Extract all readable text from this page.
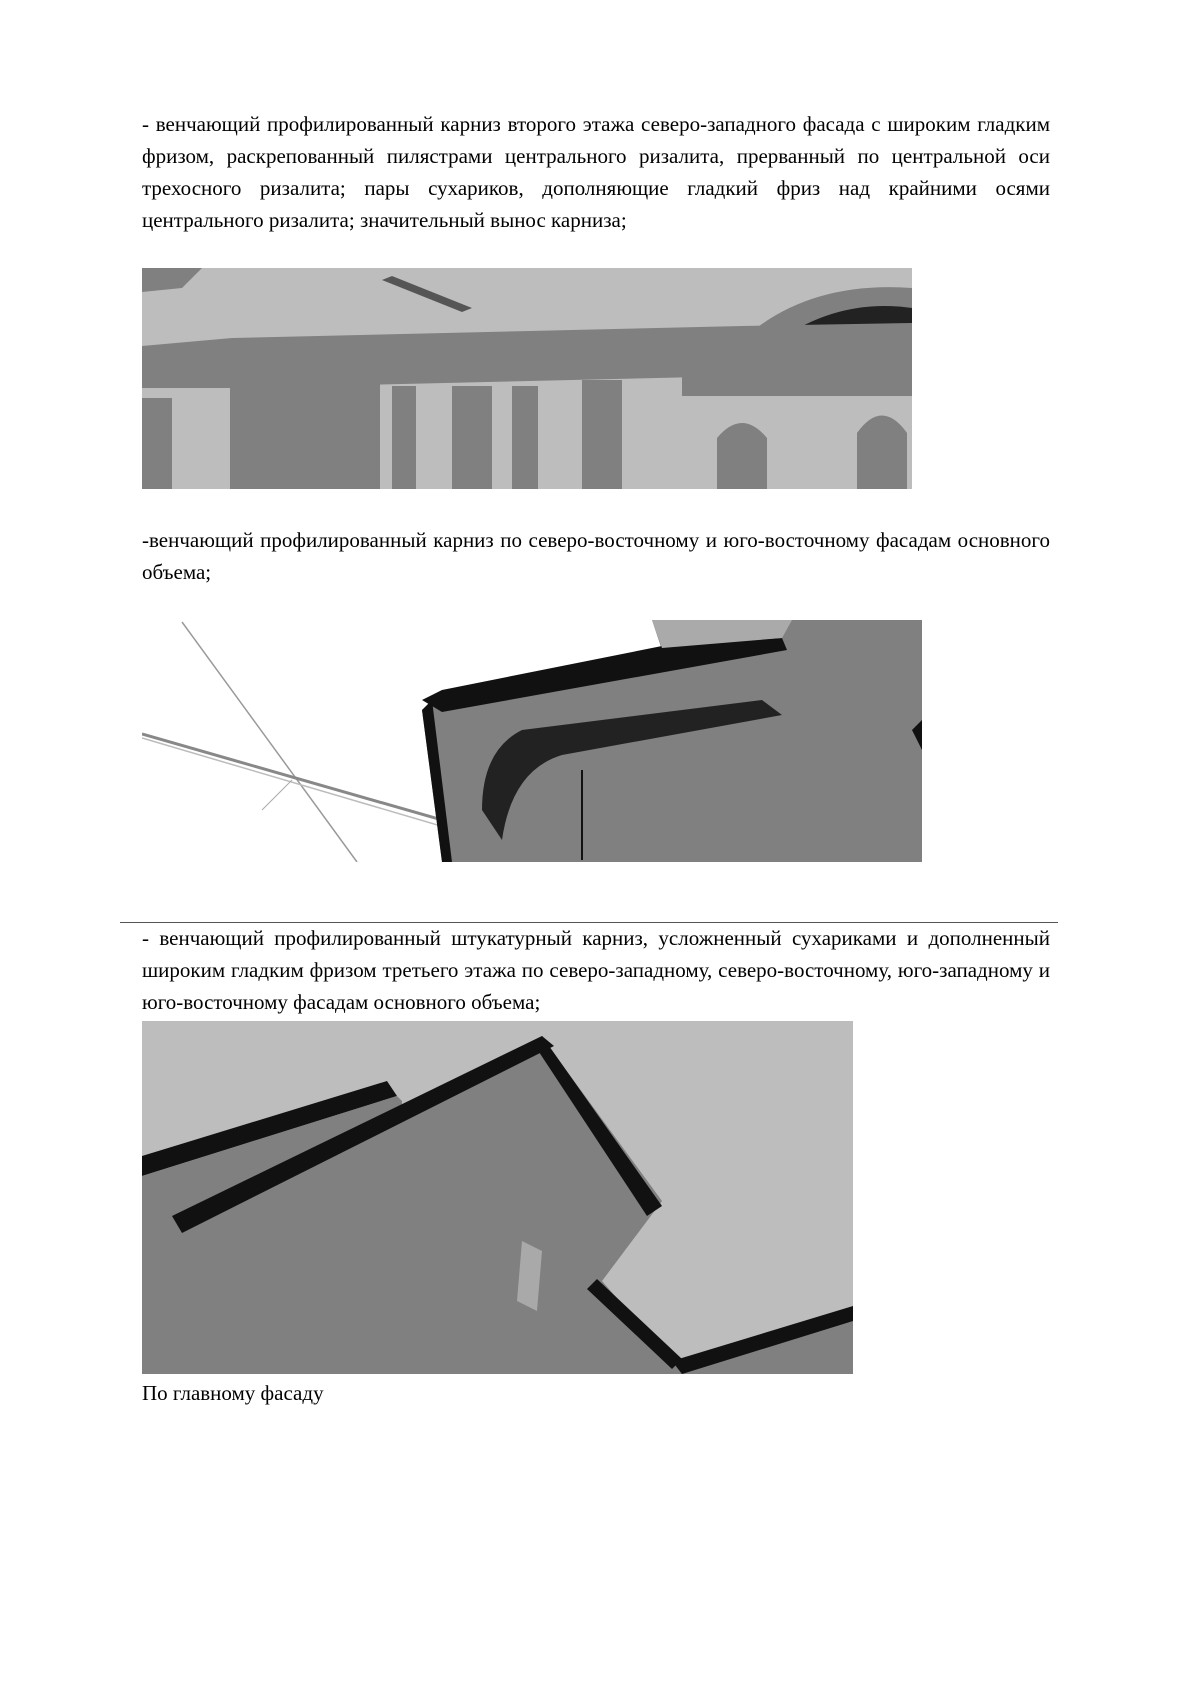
- венчающий профилированный карниз второго этажа северо-западного фасада с широким гладким фризом, раскрепованный пилястрами центрального ризалита, прерванный по центральной оси трехосного ризалита; пары сухариков, дополняющие гладкий фриз над крайними осями центрального ризалита; значительный вынос карниза;

-венчающий профилированный карниз по северо-восточному и юго-восточному фасадам основного объема;

- венчающий профилированный штукатурный карниз, усложненный сухариками и дополненный широким гладким фризом третьего этажа по северо-западному, северо-восточному, юго-западному и юго-восточному фасадам основного объема;

По главному фасаду
